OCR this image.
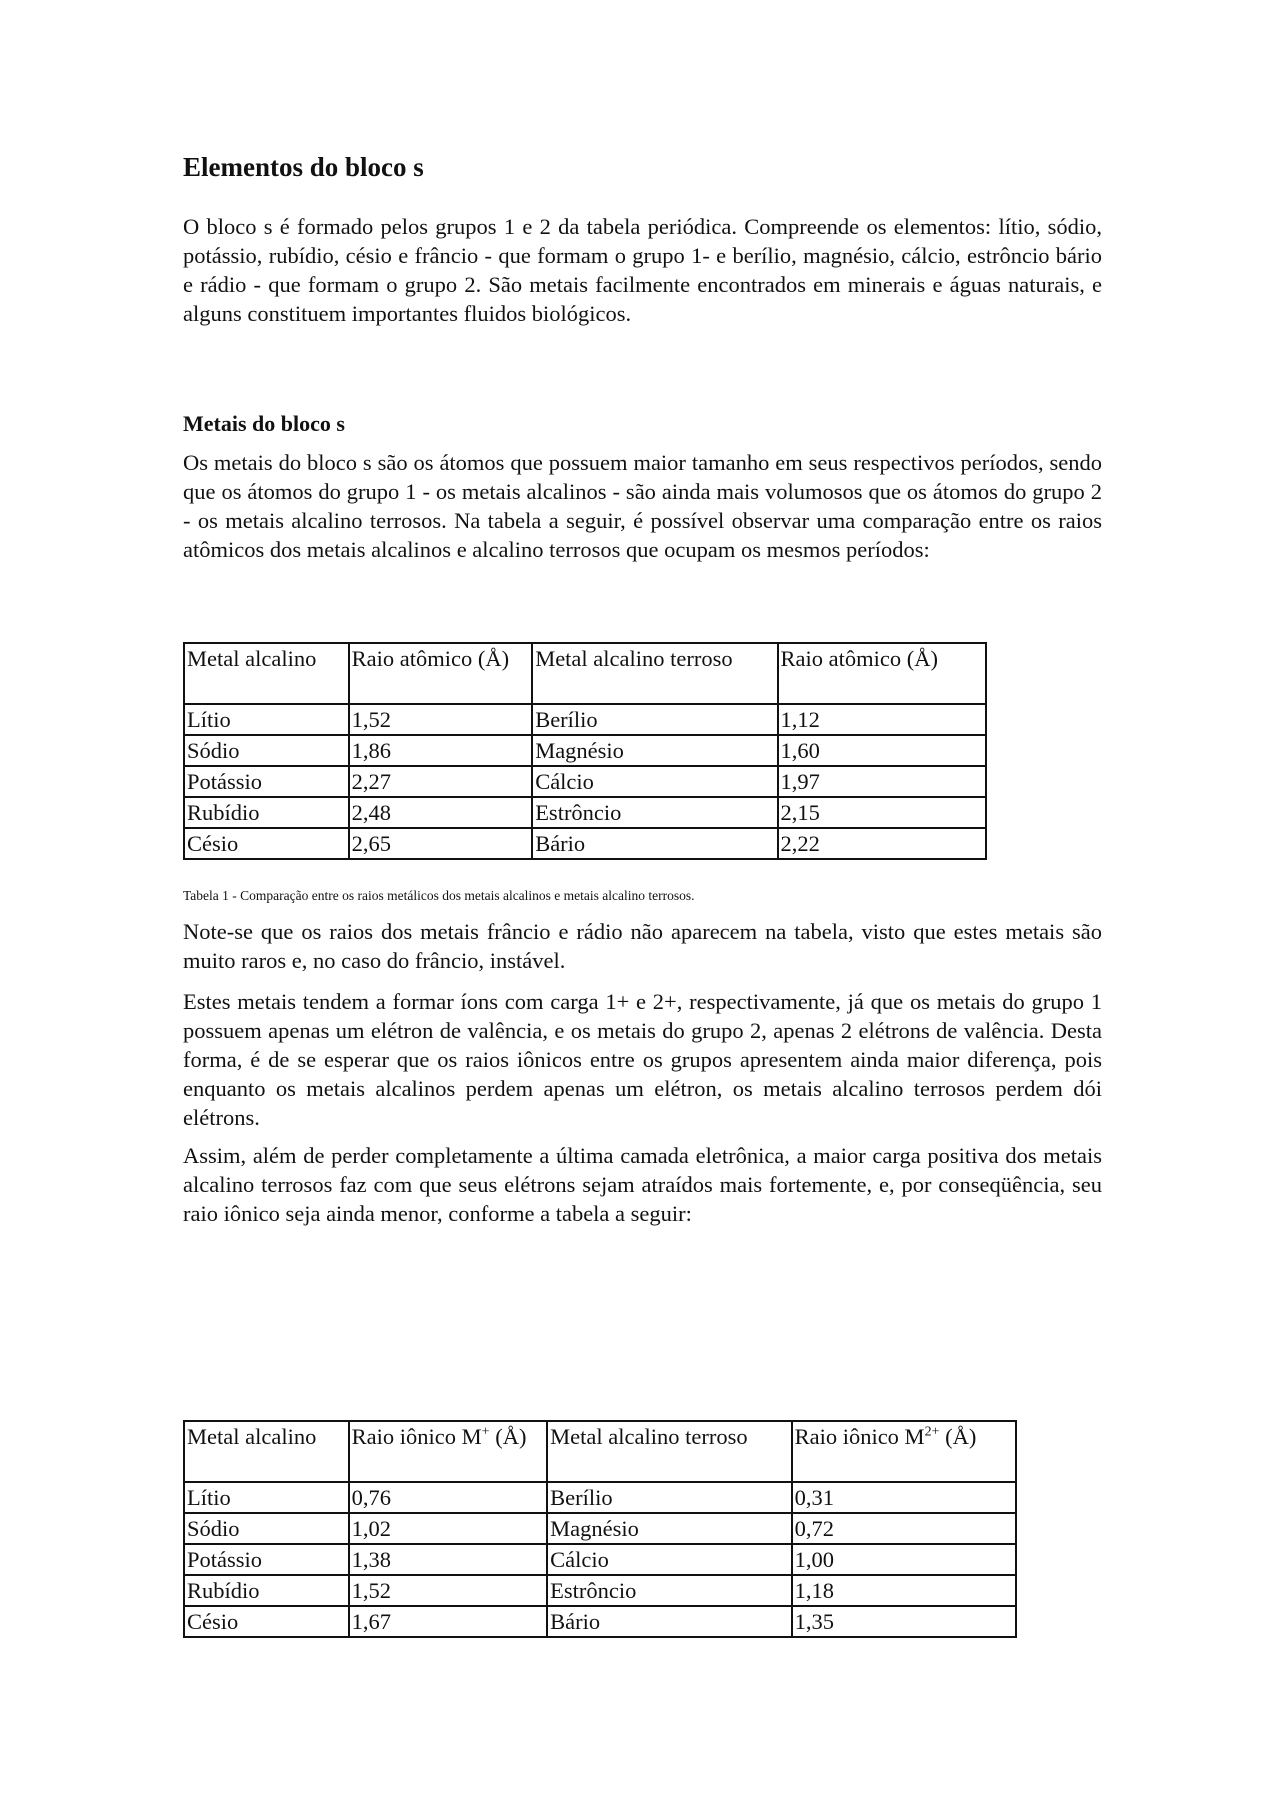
Elementos do bloco s

O bloco s é formado pelos grupos 1 e 2 da tabela periódica. Compreende os elementos: lítio, sódio, potássio, rubídio, césio e frâncio - que formam o grupo 1- e berílio, magnésio, cálcio, estrôncio bário e rádio - que formam o grupo 2. São metais facilmente encontrados em minerais e águas naturais, e alguns constituem importantes fluidos biológicos.

Metais do bloco s

Os metais do bloco s são os átomos que possuem maior tamanho em seus respectivos períodos, sendo que os átomos do grupo 1 - os metais alcalinos - são ainda mais volumosos que os átomos do grupo 2 - os metais alcalino terrosos. Na tabela a seguir, é possível observar uma comparação entre os raios atômicos dos metais alcalinos e alcalino terrosos que ocupam os mesmos períodos:

Metal alcalino	Raio atômico (Å)	Metal alcalino terroso	Raio atômico (Å)
Lítio	1,52	Berílio	1,12
Sódio	1,86	Magnésio	1,60
Potássio	2,27	Cálcio	1,97
Rubídio	2,48	Estrôncio	2,15
Césio	2,65	Bário	2,22
Tabela 1 - Comparação entre os raios metálicos dos metais alcalinos e metais alcalino terrosos.

Note-se que os raios dos metais frâncio e rádio não aparecem na tabela, visto que estes metais são muito raros e, no caso do frâncio, instável.

Estes metais tendem a formar íons com carga 1+ e 2+, respectivamente, já que os metais do grupo 1 possuem apenas um elétron de valência, e os metais do grupo 2, apenas 2 elétrons de valência. Desta forma, é de se esperar que os raios iônicos entre os grupos apresentem ainda maior diferença, pois enquanto os metais alcalinos perdem apenas um elétron, os metais alcalino terrosos perdem dói elétrons.

Assim, além de perder completamente a última camada eletrônica, a maior carga positiva dos metais alcalino terrosos faz com que seus elétrons sejam atraídos mais fortemente, e, por conseqüência, seu raio iônico seja ainda menor, conforme a tabela a seguir:

Metal alcalino	Raio iônico M+ (Å)	Metal alcalino terroso	Raio iônico $M^{2+}$ (Å)
Lítio	0,76	Berílio	0,31
Sódio	1,02	Magnésio	0,72
Potássio	1,38	Cálcio	1,00
Rubídio	1,52	Estrôncio	1,18
Césio	1,67	Bário	1,35
